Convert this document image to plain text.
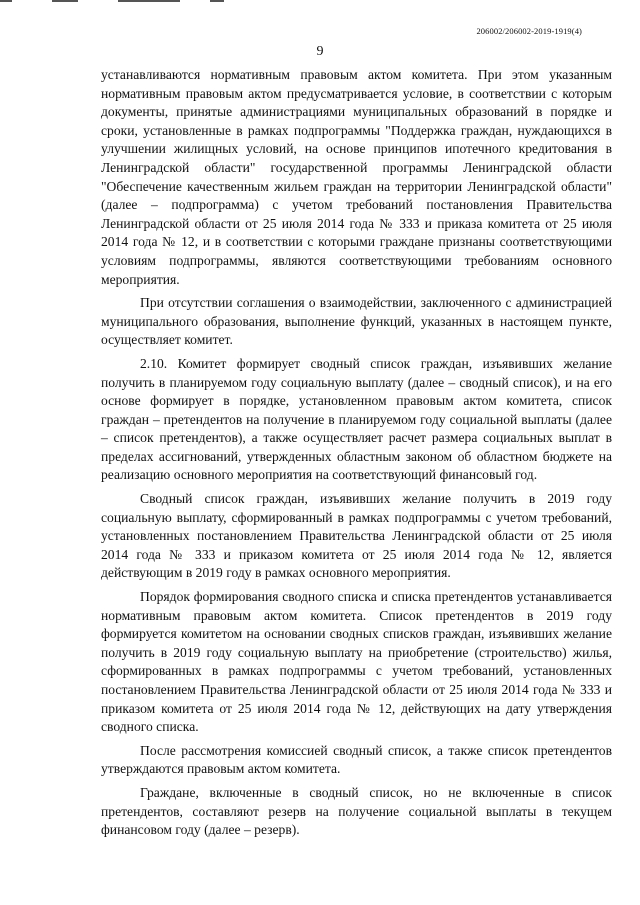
206002/206002-2019-1919(4)
9

устанавливаются нормативным правовым актом комитета. При этом указанным нормативным правовым актом предусматривается условие, в соответствии с которым документы, принятые администрациями муниципальных образований в порядке и сроки, установленные в рамках подпрограммы "Поддержка граждан, нуждающихся в улучшении жилищных условий, на основе принципов ипотечного кредитования в Ленинградской области" государственной программы Ленинградской области "Обеспечение качественным жильем граждан на территории Ленинградской области" (далее – подпрограмма) с учетом требований постановления Правительства Ленинградской области от 25 июля 2014 года № 333 и приказа комитета от 25 июля 2014 года № 12, и в соответствии с которыми граждане признаны соответствующими условиям подпрограммы, являются соответствующими требованиям основного мероприятия.

При отсутствии соглашения о взаимодействии, заключенного с администрацией муниципального образования, выполнение функций, указанных в настоящем пункте, осуществляет комитет.

2.10. Комитет формирует сводный список граждан, изъявивших желание получить в планируемом году социальную выплату (далее – сводный список), и на его основе формирует в порядке, установленном правовым актом комитета, список граждан – претендентов на получение в планируемом году социальной выплаты (далее – список претендентов), а также осуществляет расчет размера социальных выплат в пределах ассигнований, утвержденных областным законом об областном бюджете на реализацию основного мероприятия на соответствующий финансовый год.

Сводный список граждан, изъявивших желание получить в 2019 году социальную выплату, сформированный в рамках подпрограммы с учетом требований, установленных постановлением Правительства Ленинградской области от 25 июля 2014 года № 333 и приказом комитета от 25 июля 2014 года № 12, является действующим в 2019 году в рамках основного мероприятия.

Порядок формирования сводного списка и списка претендентов устанавливается нормативным правовым актом комитета. Список претендентов в 2019 году формируется комитетом на основании сводных списков граждан, изъявивших желание получить в 2019 году социальную выплату на приобретение (строительство) жилья, сформированных в рамках подпрограммы с учетом требований, установленных постановлением Правительства Ленинградской области от 25 июля 2014 года № 333 и приказом комитета от 25 июля 2014 года № 12, действующих на дату утверждения сводного списка.

После рассмотрения комиссией сводный список, а также список претендентов утверждаются правовым актом комитета.

Граждане, включенные в сводный список, но не включенные в список претендентов, составляют резерв на получение социальной выплаты в текущем финансовом году (далее – резерв).
